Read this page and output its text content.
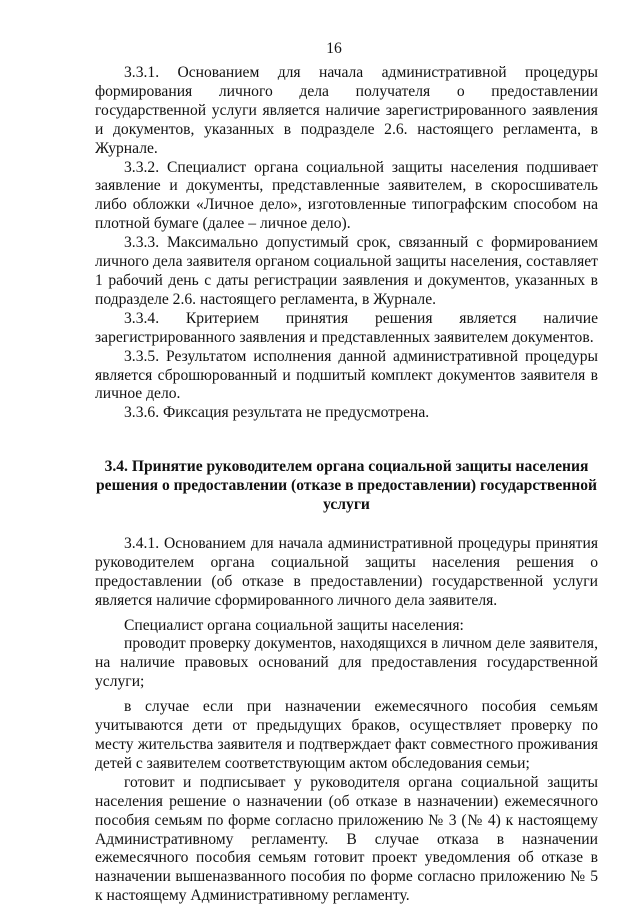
16

3.3.1. Основанием для начала административной процедуры формирования личного дела получателя о предоставлении государственной услуги является наличие зарегистрированного заявления и документов, указанных в подразделе 2.6. настоящего регламента, в Журнале.

3.3.2. Специалист органа социальной защиты населения подшивает заявление и документы, представленные заявителем, в скоросшиватель либо обложки «Личное дело», изготовленные типографским способом на плотной бумаге (далее – личное дело).

3.3.3. Максимально допустимый срок, связанный с формированием личного дела заявителя органом социальной защиты населения, составляет 1 рабочий день с даты регистрации заявления и документов, указанных в подразделе 2.6. настоящего регламента, в Журнале.

3.3.4. Критерием принятия решения является наличие зарегистрированного заявления и представленных заявителем документов.

3.3.5. Результатом исполнения данной административной процедуры является сброшюрованный и подшитый комплект документов заявителя в личное дело.

3.3.6. Фиксация результата не предусмотрена.

3.4. Принятие руководителем органа социальной защиты населения
решения о предоставлении (отказе в предоставлении) государственной
услуги

3.4.1. Основанием для начала административной процедуры принятия руководителем органа социальной защиты населения решения о предоставлении (об отказе в предоставлении) государственной услуги является наличие сформированного личного дела заявителя.

Специалист органа социальной защиты населения:

проводит проверку документов, находящихся в личном деле заявителя, на наличие правовых оснований для предоставления государственной услуги;

в случае если при назначении ежемесячного пособия семьям учитываются дети от предыдущих браков, осуществляет проверку по месту жительства заявителя и подтверждает факт совместного проживания детей с заявителем соответствующим актом обследования семьи;

готовит и подписывает у руководителя органа социальной защиты населения решение о назначении (об отказе в назначении) ежемесячного пособия семьям по форме согласно приложению № 3 (№ 4) к настоящему Административному регламенту. В случае отказа в назначении ежемесячного пособия семьям готовит проект уведомления об отказе в назначении вышеназванного пособия по форме согласно приложению № 5 к настоящему Административному регламенту.
